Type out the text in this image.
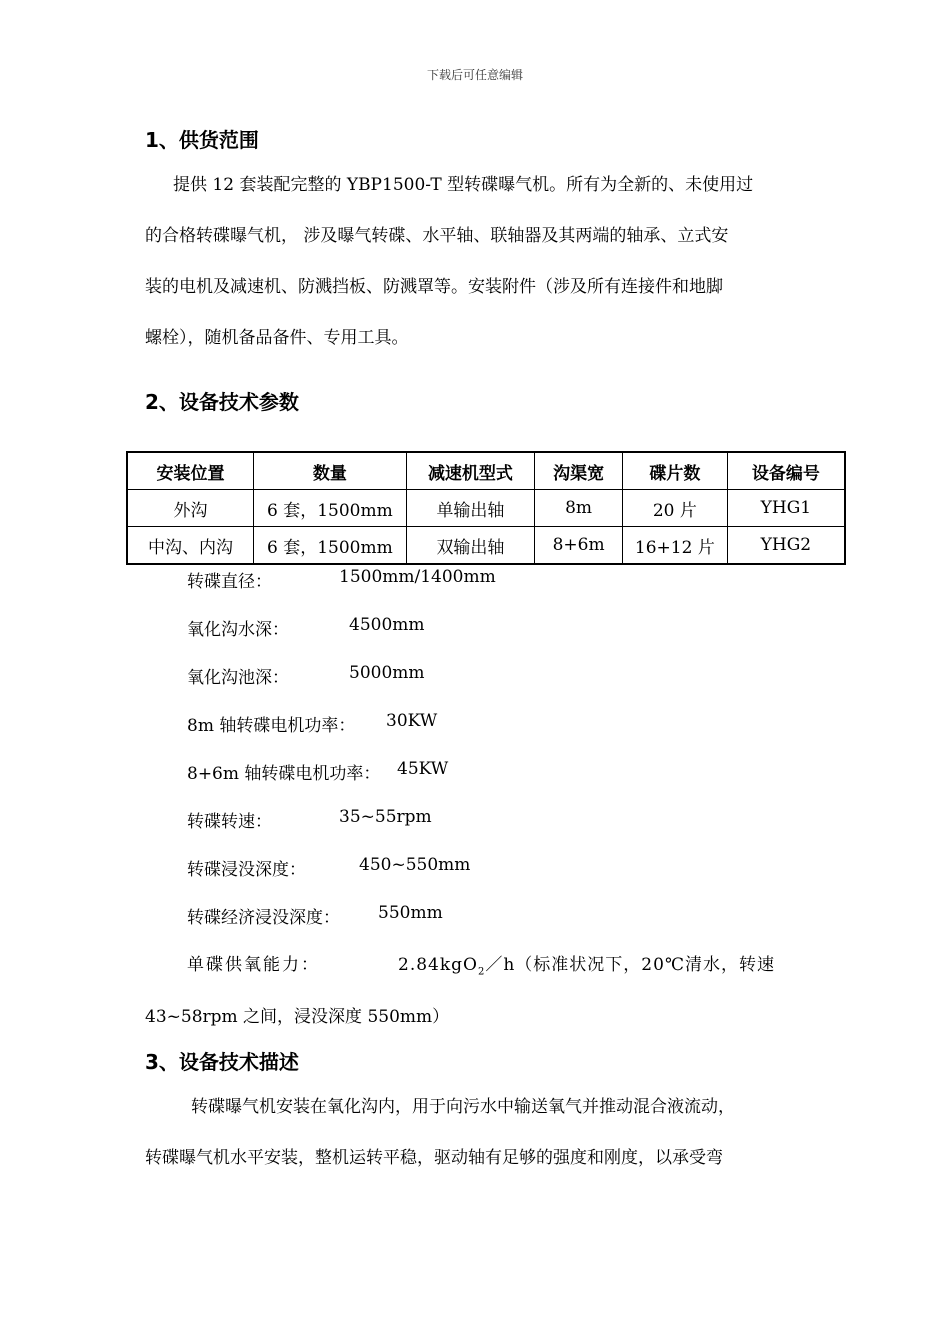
下载后可任意编辑
1、供货范围
提供 12 套装配完整的 YBP1500-T 型转碟曝气机。所有为全新的、未使用过
的合格转碟曝气机， 涉及曝气转碟、水平轴、联轴器及其两端的轴承、立式安
装的电机及减速机、防溅挡板、防溅罩等。安装附件（涉及所有连接件和地脚
螺栓），随机备品备件、专用工具。
2、设备技术参数
安装位置	数量	减速机型式	沟渠宽	碟片数	设备编号
外沟	6 套，1500mm	单输出轴	8m	20 片	YHG1
中沟、内沟	6 套，1500mm	双输出轴	8+6m	16+12 片	YHG2
转碟直径：	1500mm/1400mm
氧化沟水深：	4500mm
氧化沟池深：	5000mm
8m 轴转碟电机功率： 30KW
8+6m 轴转碟电机功率： 45KW
转碟转速：	35~55rpm
转碟浸没深度：	450~550mm
转碟经济浸没深度： 550mm
单碟供氧能力：	2.84kgO$_2$／h（标准状况下，20℃清水，转速
43~58rpm 之间，浸没深度 550mm）
3、设备技术描述
转碟曝气机安装在氧化沟内，用于向污水中输送氧气并推动混合液流动，
转碟曝气机水平安装，整机运转平稳，驱动轴有足够的强度和刚度，以承受弯
